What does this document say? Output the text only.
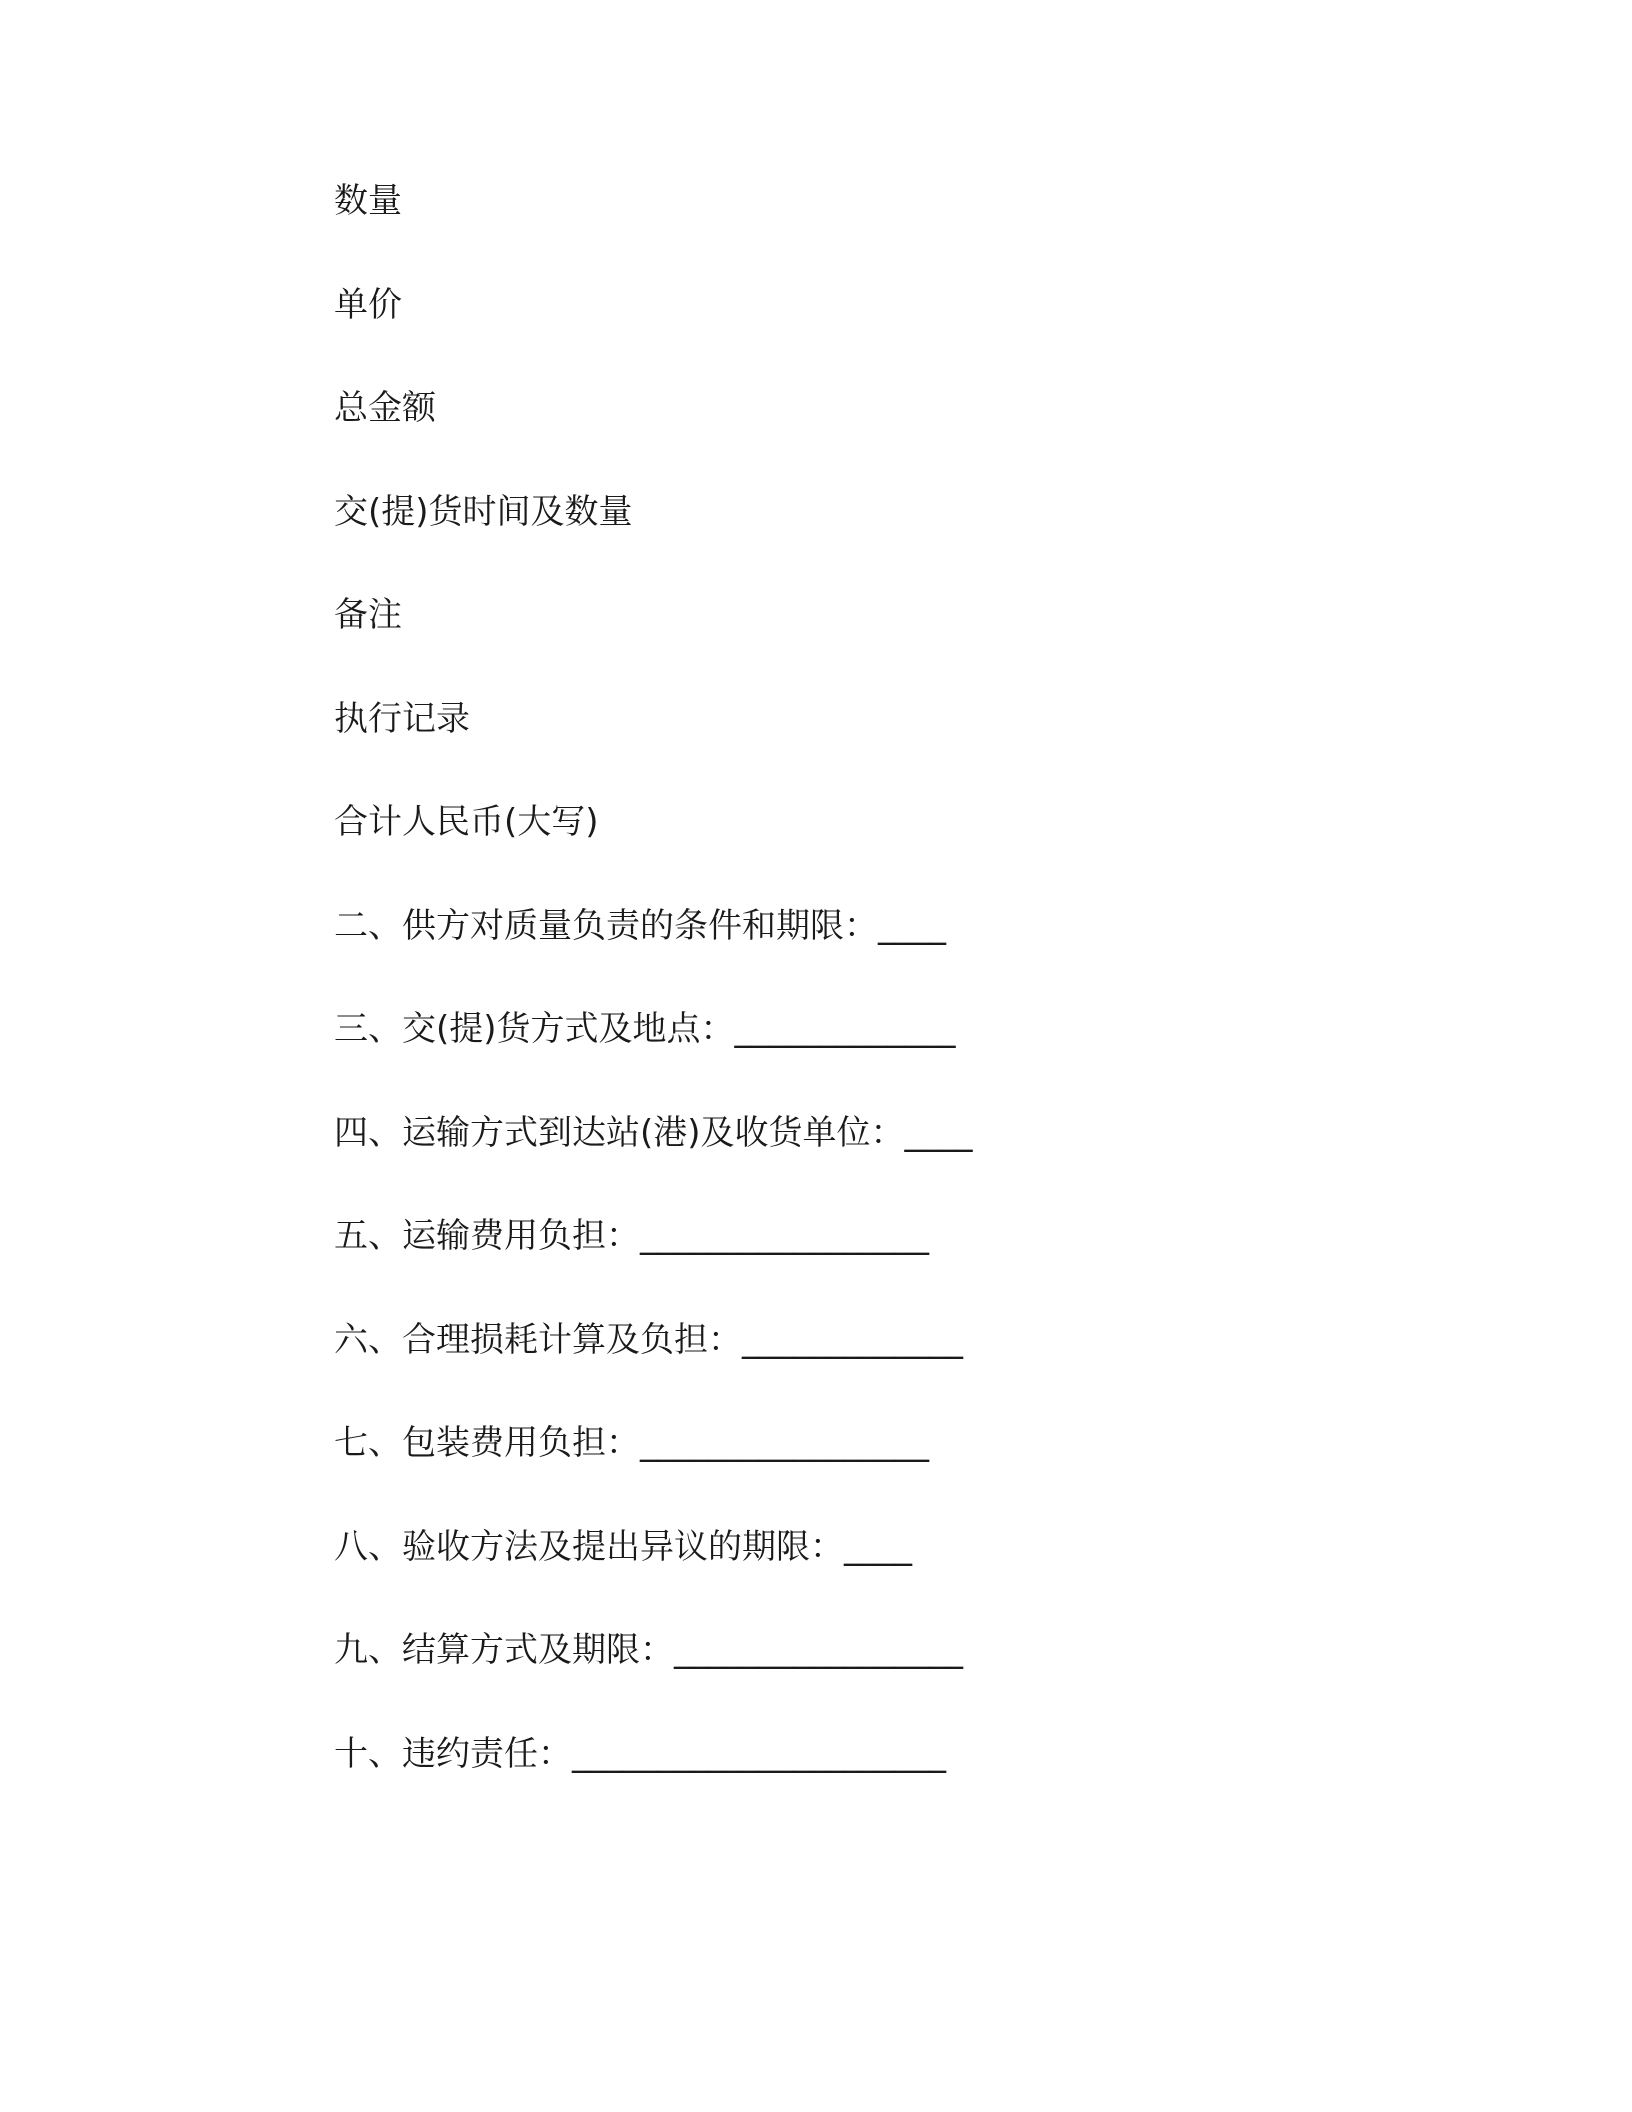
数量
单价
总金额
交(提)货时间及数量
备注
执行记录
合计人民币(大写)
二、供方对质量负责的条件和期限：____
三、交(提)货方式及地点：_____________
四、运输方式到达站(港)及收货单位：____
五、运输费用负担：_________________
六、合理损耗计算及负担：_____________
七、包装费用负担：_________________
八、验收方法及提出异议的期限：____
九、结算方式及期限：_________________
十、违约责任：______________________
